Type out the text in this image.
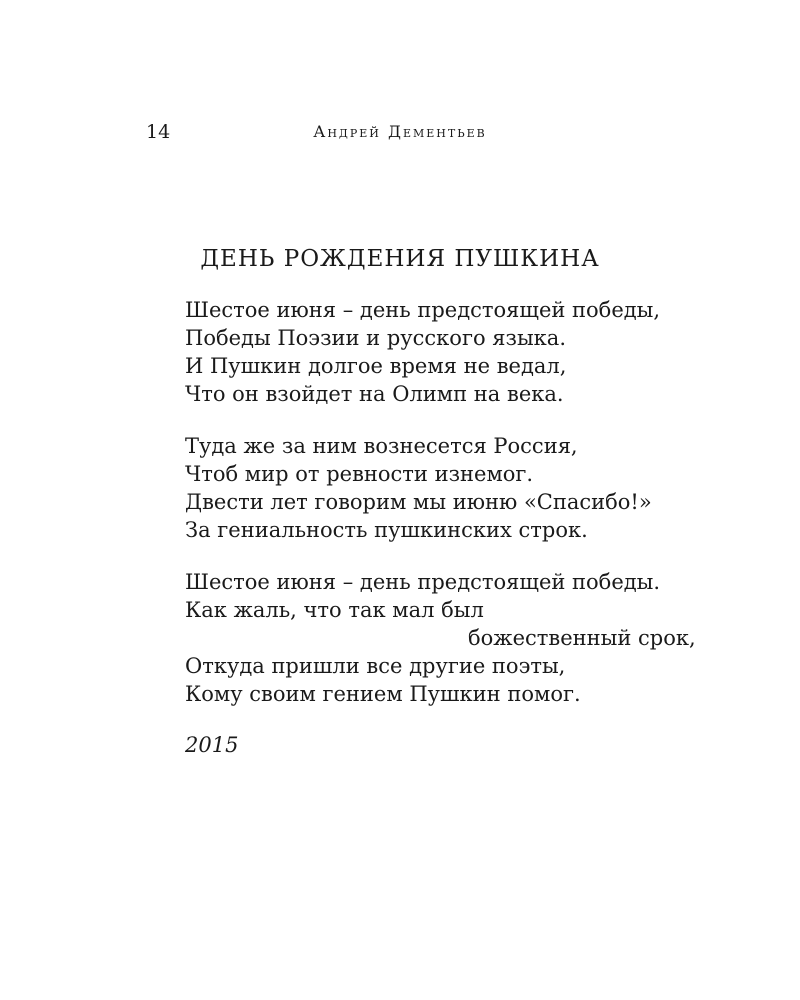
14	Андрей Дементьев
ДЕНЬ РОЖДЕНИЯ ПУШКИНА
Шестое июня – день предстоящей победы,
Победы Поэзии и русского языка.
И Пушкин долгое время не ведал,
Что он взойдет на Олимп на века.
Туда же за ним вознесется Россия,
Чтоб мир от ревности изнемог.
Двести лет говорим мы июню «Спасибо!»
За гениальность пушкинских строк.
Шестое июня – день предстоящей победы.
Как жаль, что так мал был
божественный срок,
Откуда пришли все другие поэты,
Кому своим гением Пушкин помог.
2015
